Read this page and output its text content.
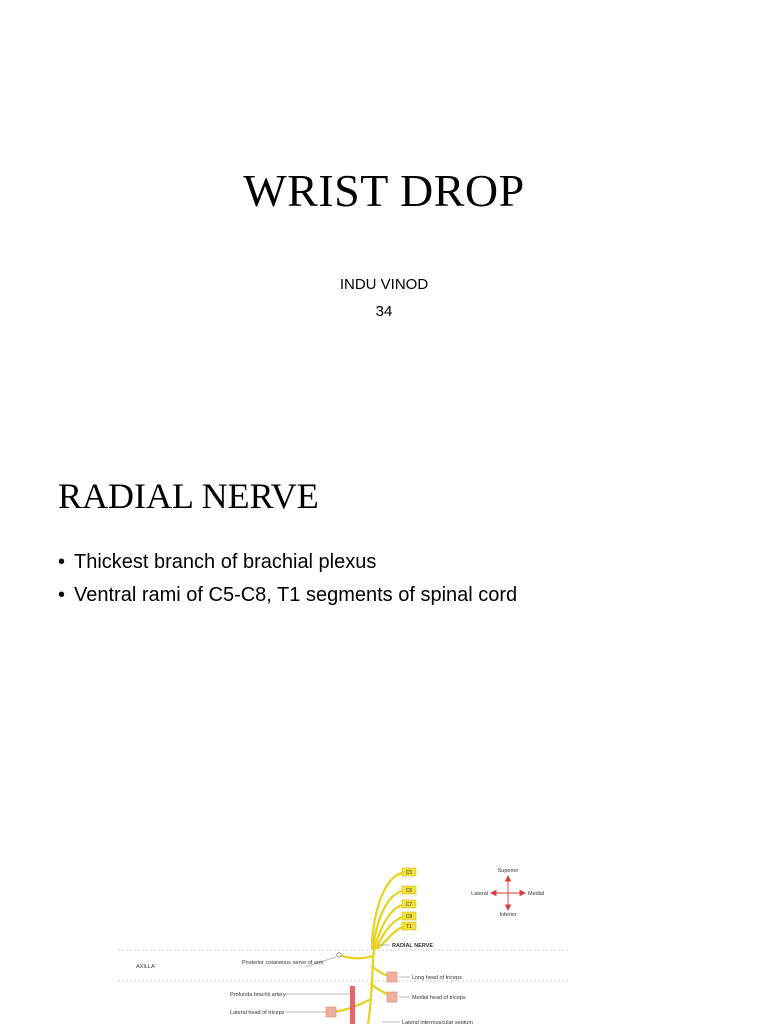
WRIST DROP
INDU VINOD
34
RADIAL NERVE
• Thickest branch of brachial plexus
• Ventral rami of C5-C8, T1 segments of spinal cord
AXILLA
C5
C6
C7
C8
T1
Posterior cutaneous nerve of arm
Profunda brachii artery
Lateral head of triceps
RADIAL NERVE
Long head of triceps
Medial head of triceps
Lateral intermuscular septum
Superior
Inferior
Lateral	Medial
